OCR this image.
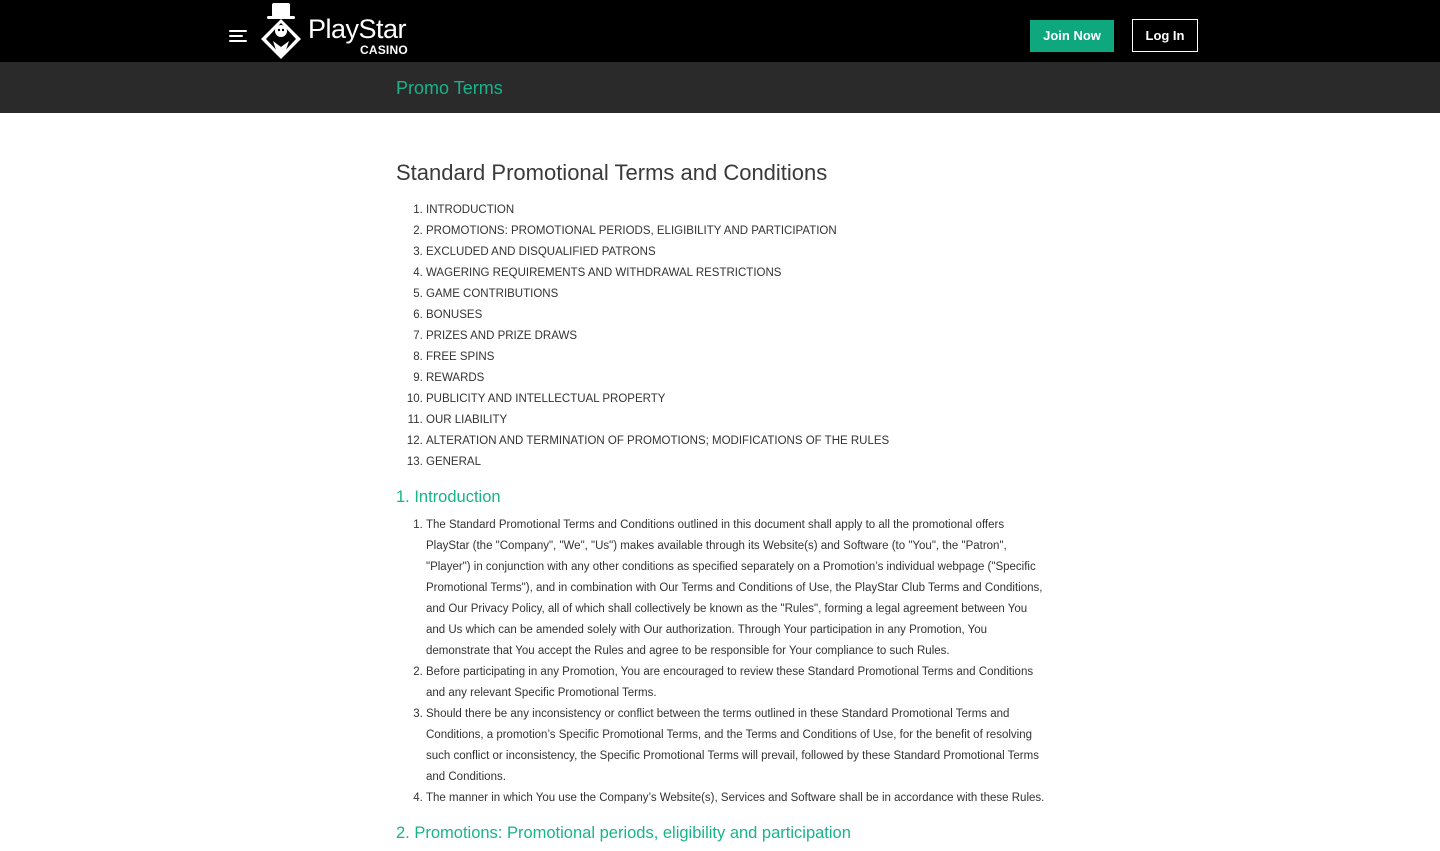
PlayStar
CASINO
Join Now	Log In
Promo Terms
Standard Promotional Terms and Conditions
1. INTRODUCTION
2. PROMOTIONS: PROMOTIONAL PERIODS, ELIGIBILITY AND PARTICIPATION
3. EXCLUDED AND DISQUALIFIED PATRONS
4. WAGERING REQUIREMENTS AND WITHDRAWAL RESTRICTIONS
5. GAME CONTRIBUTIONS
6. BONUSES
7. PRIZES AND PRIZE DRAWS
8. FREE SPINS
9. REWARDS
10. PUBLICITY AND INTELLECTUAL PROPERTY
11. OUR LIABILITY
12. ALTERATION AND TERMINATION OF PROMOTIONS; MODIFICATIONS OF THE RULES
13. GENERAL
1. Introduction
1. The Standard Promotional Terms and Conditions outlined in this document shall apply to all the promotional offers PlayStar (the "Company", "We", "Us") makes available through its Website(s) and Software (to "You", the "Patron", "Player") in conjunction with any other conditions as specified separately on a Promotion’s individual webpage ("Specific Promotional Terms"), and in combination with Our Terms and Conditions of Use, the PlayStar Club Terms and Conditions, and Our Privacy Policy, all of which shall collectively be known as the "Rules", forming a legal agreement between You and Us which can be amended solely with Our authorization. Through Your participation in any Promotion, You demonstrate that You accept the Rules and agree to be responsible for Your compliance to such Rules.
2. Before participating in any Promotion, You are encouraged to review these Standard Promotional Terms and Conditions and any relevant Specific Promotional Terms.
3. Should there be any inconsistency or conflict between the terms outlined in these Standard Promotional Terms and Conditions, a promotion’s Specific Promotional Terms, and the Terms and Conditions of Use, for the benefit of resolving such conflict or inconsistency, the Specific Promotional Terms will prevail, followed by these Standard Promotional Terms and Conditions.
4. The manner in which You use the Company’s Website(s), Services and Software shall be in accordance with these Rules.
2. Promotions: Promotional periods, eligibility and participation
